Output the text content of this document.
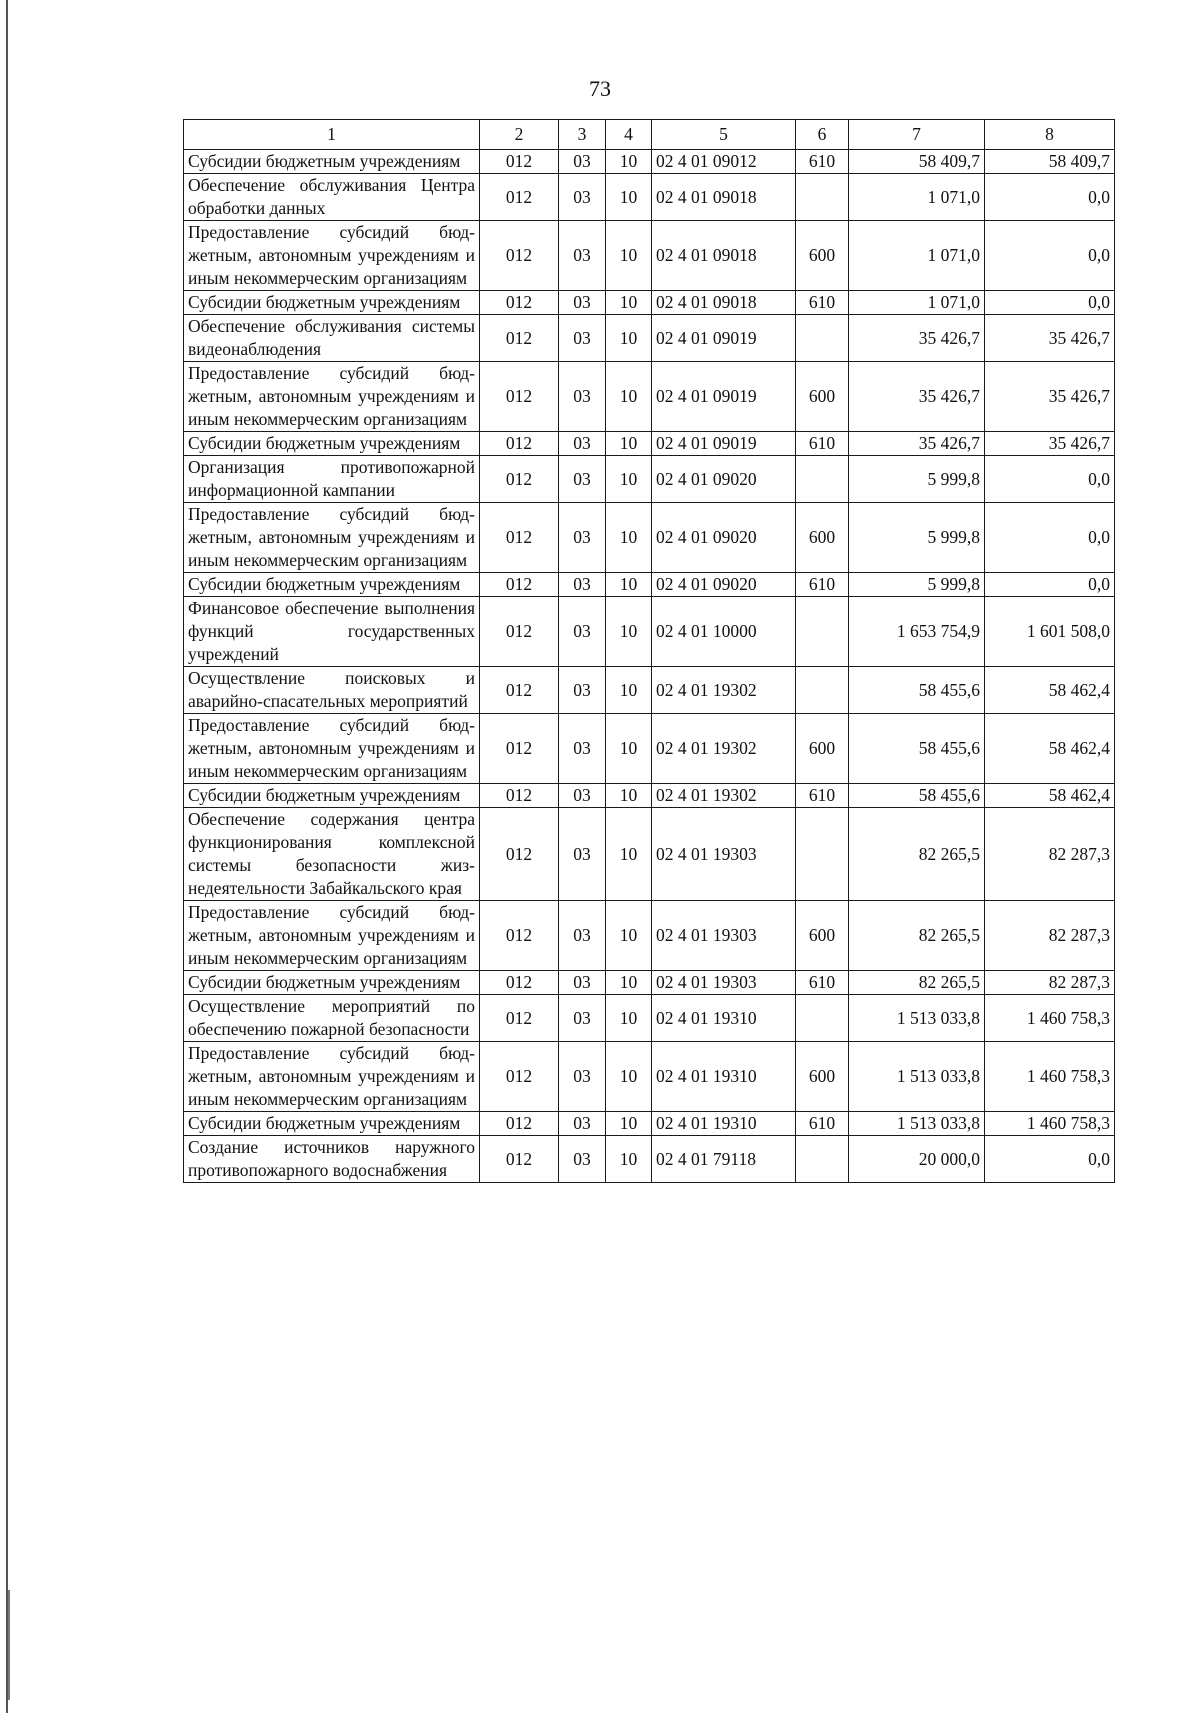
73
1	2	3	4	5	6	7	8
Субсидии бюджетным учреждениям	012	03	10	02 4 01 09012	610	58 409,7	58 409,7
Обеспечение обслуживания Центра обработки данных	012	03	10	02 4 01 09018		1 071,0	0,0
Предоставление субсидий бюджетным, автономным учреждениям и иным некоммерческим организациям	012	03	10	02 4 01 09018	600	1 071,0	0,0
Субсидии бюджетным учреждениям	012	03	10	02 4 01 09018	610	1 071,0	0,0
Обеспечение обслуживания системы видеонаблюдения	012	03	10	02 4 01 09019		35 426,7	35 426,7
Предоставление субсидий бюджетным, автономным учреждениям и иным некоммерческим организациям	012	03	10	02 4 01 09019	600	35 426,7	35 426,7
Субсидии бюджетным учреждениям	012	03	10	02 4 01 09019	610	35 426,7	35 426,7
Организация противопожарной информационной кампании	012	03	10	02 4 01 09020		5 999,8	0,0
Предоставление субсидий бюджетным, автономным учреждениям и иным некоммерческим организациям	012	03	10	02 4 01 09020	600	5 999,8	0,0
Субсидии бюджетным учреждениям	012	03	10	02 4 01 09020	610	5 999,8	0,0
Финансовое обеспечение выполнения функций государственных учреждений	012	03	10	02 4 01 10000		1 653 754,9	1 601 508,0
Осуществление поисковых и аварийно-спасательных мероприятий	012	03	10	02 4 01 19302		58 455,6	58 462,4
Предоставление субсидий бюджетным, автономным учреждениям и иным некоммерческим организациям	012	03	10	02 4 01 19302	600	58 455,6	58 462,4
Субсидии бюджетным учреждениям	012	03	10	02 4 01 19302	610	58 455,6	58 462,4
Обеспечение содержания центра функционирования комплексной системы безопасности жизнедеятельности Забайкальского края	012	03	10	02 4 01 19303		82 265,5	82 287,3
Предоставление субсидий бюджетным, автономным учреждениям и иным некоммерческим организациям	012	03	10	02 4 01 19303	600	82 265,5	82 287,3
Субсидии бюджетным учреждениям	012	03	10	02 4 01 19303	610	82 265,5	82 287,3
Осуществление мероприятий по обеспечению пожарной безопасности	012	03	10	02 4 01 19310		1 513 033,8	1 460 758,3
Предоставление субсидий бюджетным, автономным учреждениям и иным некоммерческим организациям	012	03	10	02 4 01 19310	600	1 513 033,8	1 460 758,3
Субсидии бюджетным учреждениям	012	03	10	02 4 01 19310	610	1 513 033,8	1 460 758,3
Создание источников наружного противопожарного водоснабжения	012	03	10	02 4 01 79118		20 000,0	0,0
